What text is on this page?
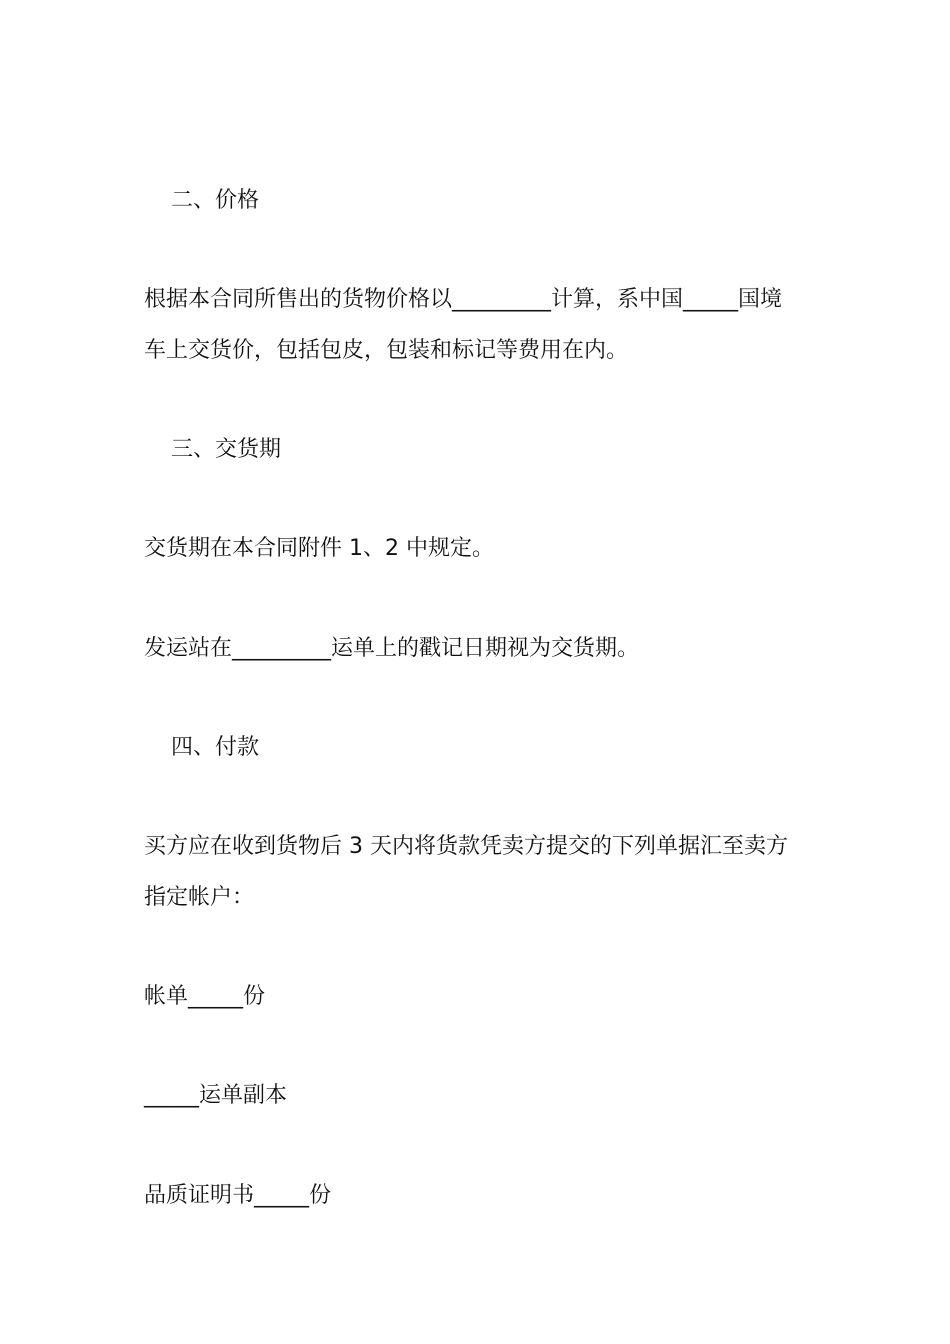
二、价格
根据本合同所售出的货物价格以_________计算，系中国_____国境
车上交货价，包括包皮，包装和标记等费用在内。
三、交货期
交货期在本合同附件 1、2 中规定。
发运站在_________运单上的戳记日期视为交货期。
四、付款
买方应在收到货物后 3 天内将货款凭卖方提交的下列单据汇至卖方
指定帐户：
帐单_____份
_____运单副本
品质证明书_____份
